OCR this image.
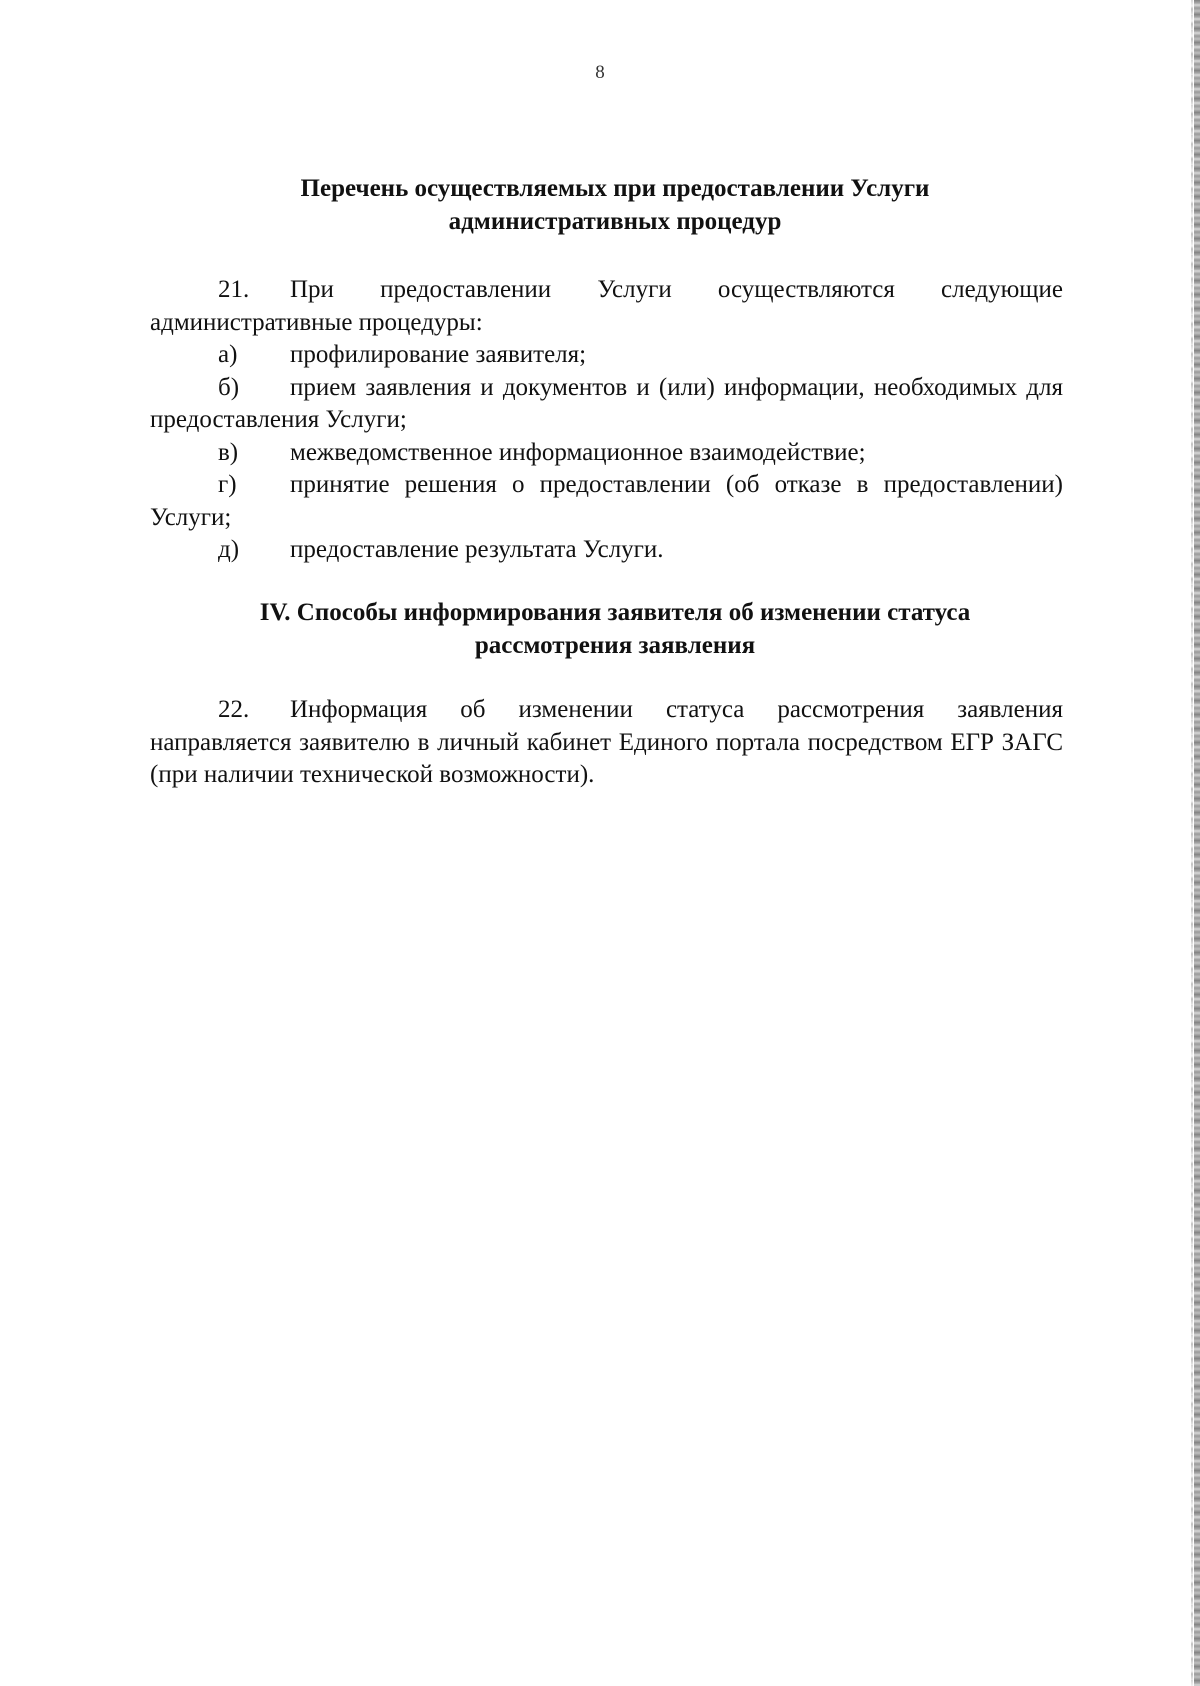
8
Перечень осуществляемых при предоставлении Услуги
административных процедур

21. При предоставлении Услуги осуществляются следующие административные процедуры:

а) профилирование заявителя;

б) прием заявления и документов и (или) информации, необходимых для предоставления Услуги;

в) межведомственное информационное взаимодействие;

г) принятие решения о предоставлении (об отказе в предоставлении) Услуги;

д) предоставление результата Услуги.

IV. Способы информирования заявителя об изменении статуса
рассмотрения заявления

22. Информация об изменении статуса рассмотрения заявления направляется заявителю в личный кабинет Единого портала посредством ЕГР ЗАГС (при наличии технической возможности).
